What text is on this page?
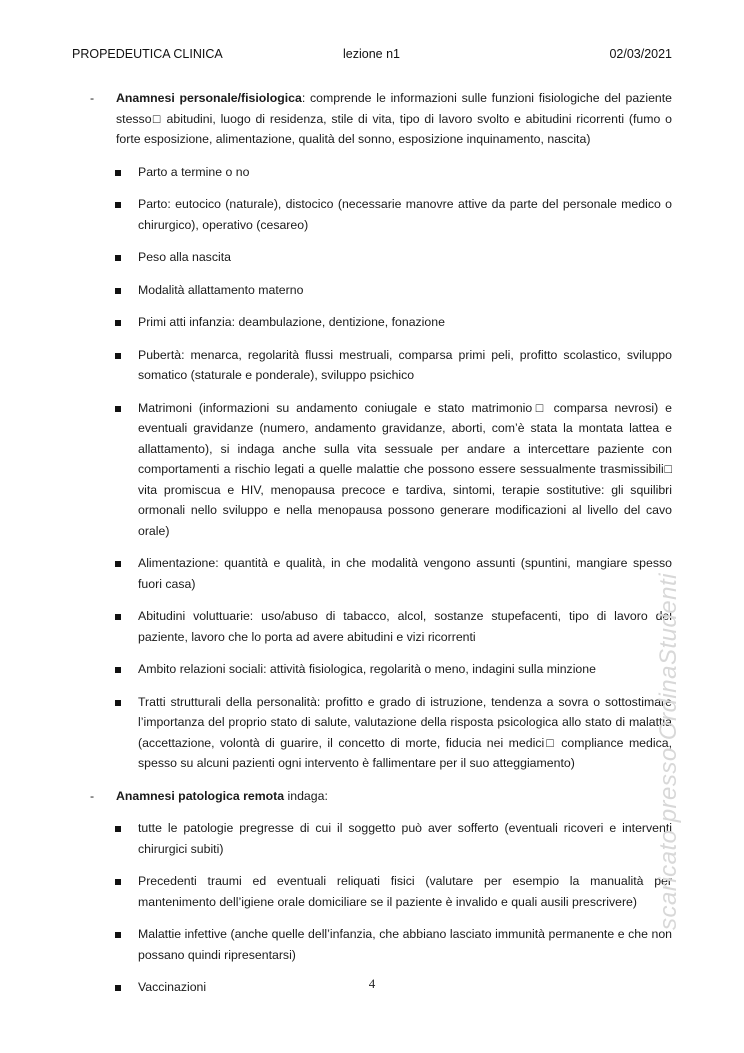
PROPEDEUTICA CLINICA	lezione n1	02/03/2021
- Anamnesi personale/fisiologica: comprende le informazioni sulle funzioni fisiologiche del paziente stesso□ abitudini, luogo di residenza, stile di vita, tipo di lavoro svolto e abitudini ricorrenti (fumo o forte esposizione, alimentazione, qualità del sonno, esposizione inquinamento, nascita)
Parto a termine o no
Parto: eutocico (naturale), distocico (necessarie manovre attive da parte del personale medico o chirurgico), operativo (cesareo)
Peso alla nascita
Modalità allattamento materno
Primi atti infanzia: deambulazione, dentizione, fonazione
Pubertà: menarca, regolarità flussi mestruali, comparsa primi peli, profitto scolastico, sviluppo somatico (staturale e ponderale), sviluppo psichico
Matrimoni (informazioni su andamento coniugale e stato matrimonio□ comparsa nevrosi) e eventuali gravidanze (numero, andamento gravidanze, aborti, com’è stata la montata lattea e allattamento), si indaga anche sulla vita sessuale per andare a intercettare paziente con comportamenti a rischio legati a quelle malattie che possono essere sessualmente trasmissibili□ vita promiscua e HIV, menopausa precoce e tardiva, sintomi, terapie sostitutive: gli squilibri ormonali nello sviluppo e nella menopausa possono generare modificazioni al livello del cavo orale)
Alimentazione: quantità e qualità, in che modalità vengono assunti (spuntini, mangiare spesso fuori casa)
Abitudini voluttuarie: uso/abuso di tabacco, alcol, sostanze stupefacenti, tipo di lavoro del paziente, lavoro che lo porta ad avere abitudini e vizi ricorrenti
Ambito relazioni sociali: attività fisiologica, regolarità o meno, indagini sulla minzione
Tratti strutturali della personalità: profitto e grado di istruzione, tendenza a sovra o sottostimare l’importanza del proprio stato di salute, valutazione della risposta psicologica allo stato di malattia (accettazione, volontà di guarire, il concetto di morte, fiducia nei medici□ compliance medica, spesso su alcuni pazienti ogni intervento è fallimentare per il suo atteggiamento)
- Anamnesi patologica remota indaga:
tutte le patologie pregresse di cui il soggetto può aver sofferto (eventuali ricoveri e interventi chirurgici subiti)
Precedenti traumi ed eventuali reliquati fisici (valutare per esempio la manualità per mantenimento dell’igiene orale domiciliare se il paziente è invalido e quali ausili prescrivere)
Malattie infettive (anche quelle dell’infanzia, che abbiano lasciato immunità permanente e che non possano quindi ripresentarsi)
Vaccinazioni
scaricato presso OrdinaStudenti
4
